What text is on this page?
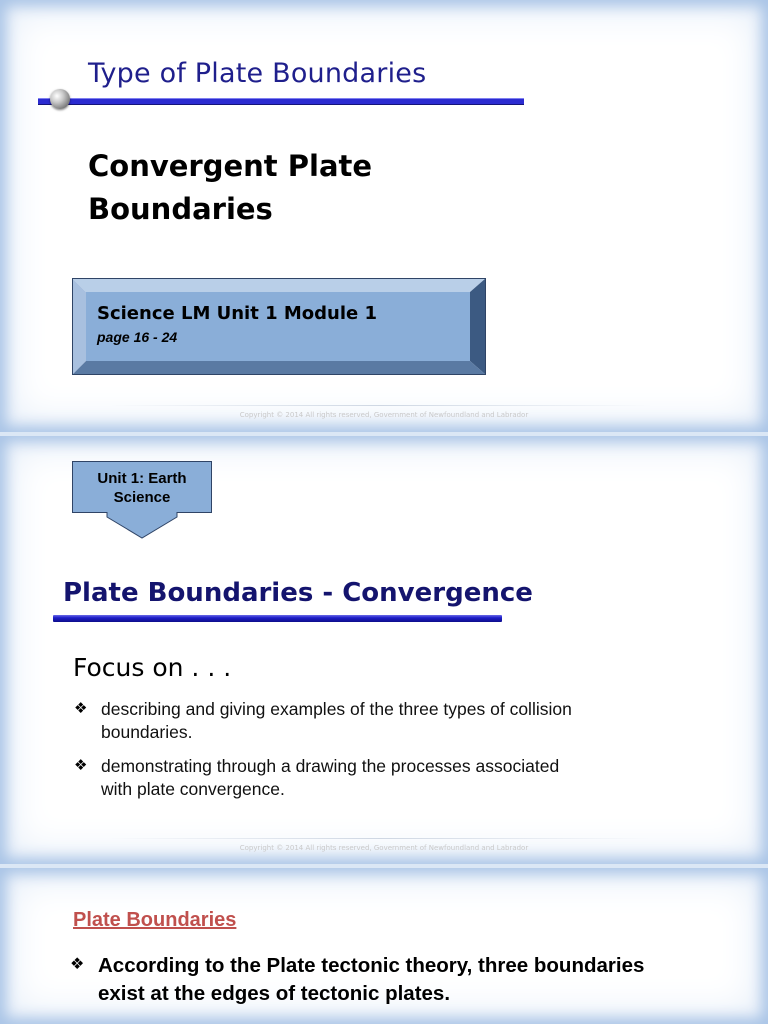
Type of Plate Boundaries
Convergent Plate Boundaries
Science LM Unit 1 Module 1
page 16 - 24
Copyright © 2014 All rights reserved, Government of Newfoundland and Labrador
Unit 1: Earth Science
Plate Boundaries - Convergence
Focus on . . .
❖ describing and giving examples of the three types of collision boundaries.
❖ demonstrating through a drawing the processes associated with plate convergence.
Copyright © 2014 All rights reserved, Government of Newfoundland and Labrador
Plate Boundaries
❖ According to the Plate tectonic theory, three boundaries exist at the edges of tectonic plates.
